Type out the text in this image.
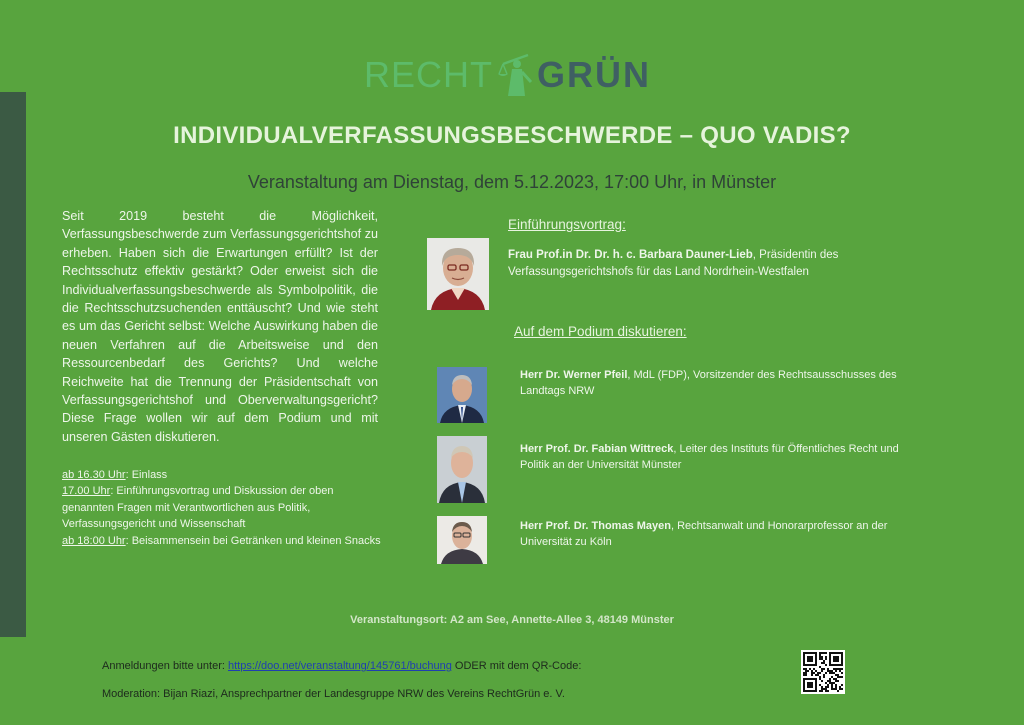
RECHT GRÜN
INDIVIDUALVERFASSUNGSBESCHWERDE – QUO VADIS?
Veranstaltung am Dienstag, dem 5.12.2023, 17:00 Uhr, in Münster
Seit 2019 besteht die Möglichkeit, Verfassungsbeschwerde zum Verfassungsgerichtshof zu erheben. Haben sich die Erwartungen erfüllt? Ist der Rechtsschutz effektiv gestärkt? Oder erweist sich die Individualverfassungsbeschwerde als Symbolpolitik, die die Rechtsschutzsuchenden enttäuscht? Und wie steht es um das Gericht selbst: Welche Auswirkung haben die neuen Verfahren auf die Arbeitsweise und den Ressourcenbedarf des Gerichts? Und welche Reichweite hat die Trennung der Präsidentschaft von Verfassungsgerichtshof und Oberverwaltungsgericht? Diese Frage wollen wir auf dem Podium und mit unseren Gästen diskutieren.

ab 16.30 Uhr: Einlass

17.00 Uhr: Einführungsvortrag und Diskussion der oben genannten Fragen mit Verantwortlichen aus Politik, Verfassungsgericht und Wissenschaft

ab 18:00 Uhr: Beisammensein bei Getränken und kleinen Snacks

Einführungsvortrag:
Frau Prof.in Dr. Dr. h. c. Barbara Dauner-Lieb, Präsidentin des Verfassungsgerichtshofs für das Land Nordrhein-Westfalen
Auf dem Podium diskutieren:
Herr Dr. Werner Pfeil, MdL (FDP), Vorsitzender des Rechtsausschusses des Landtags NRW
Herr Prof. Dr. Fabian Wittreck, Leiter des Instituts für Öffentliches Recht und Politik an der Universität Münster
Herr Prof. Dr. Thomas Mayen, Rechtsanwalt und Honorarprofessor an der Universität zu Köln
Veranstaltungsort: A2 am See, Annette-Allee 3, 48149 Münster
Anmeldungen bitte unter: https://doo.net/veranstaltung/145761/buchung ODER mit dem QR-Code:
Moderation: Bijan Riazi, Ansprechpartner der Landesgruppe NRW des Vereins RechtGrün e. V.
